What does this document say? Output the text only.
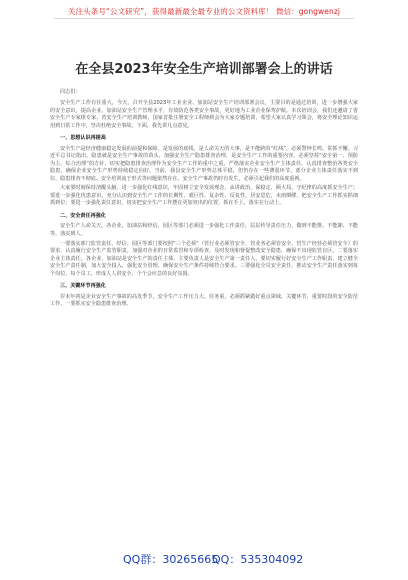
关注头条号“公文研究”，获得最新最全最专业的公文资料库！ 微信：gongwenzj
在全县2023年安全生产培训部署会上的讲话

同志们：

安全生产工作有任重大，今天，召开全县2023年工业企业、加油站安全生产培训部署会议，主要目的是通过培训，进一步增强大家的安全意识，提高企业、加油站安全生产管理水平，有效防范各类安全事故，更好地为工业企业保驾护航。本次培训会，我们还邀请了省安全生产专家组专家、省安全生产培训教师、国家首批注册安全工程师到会为大家专题培训，希望大家认真学习领会，将安全理论知识运用到日常工作中，坚决杜绝安全事故。下面，我先讲几点意见。

一、思想认识再提高

安全生产是经济健康稳定发展的前提和保障，是发展的底线，是人命关天的大事，是不能跨的“红线”，必须警钟长鸣、常抓不懈。习近平总书记指出，隐患就是安全生产事故的苗头，加强安全生产隐患排查治理，是安全生产工作的重要内容，必须坚持“安全第一、预防为主、综合治理”的方针，切实把隐患排查治理作为安全生产工作的重中之重，严格落实企业安全生产主体责任，认真排查整治各类安全隐患，确保企业安全生产形势持续稳定向好。当前，我县安全生产形势总体平稳，但仍存在一些薄弱环节，部分企业主体责任落实不到位、隐患排查不彻底、安全培训流于形式等问题依然存在，安全生产事故仍时有发生，必须引起我们的高度重视。

大家要时刻保持清醒头脑，进一步强化红线意识，牢固树立安全发展理念，从讲政治、保稳定、顾大局、守纪律的高度抓安全生产；要进一步强化忧患意识，充分认识到安全生产工作的长期性、艰巨性、复杂性、反复性，居安思危，未雨绸缪，把安全生产工作抓实抓细抓到位；要进一步强化责任意识，切实把安全生产工作摆在更加突出的位置，抓在手上、落实在行动上。

二、安全责任再强化

安全生产人命关天，各企业、加油站和经信、园区等部门必须进一步强化工作责任，层层传导责任压力，做到不能推、不能卸、不能等，落实到人。

一要落实部门监管责任。经信、园区等部门要按照“三个必须”（管行业必须管安全、管业务必须管安全、管生产经营必须管安全）的要求，认真履行安全生产监管职责，加强对企业的日常监管和专项检查，及时发现和督促整改安全隐患，确保不出现监管盲区。二要落实企业主体责任。各企业、加油站是安全生产的责任主体，主要负责人是安全生产第一责任人，要切实履行好安全生产工作职责，建立健全安全生产责任制，加大安全投入，强化安全管理，确保安全生产条件持续符合要求。三要强化全员安全责任，推动安全生产责任落实到每个岗位、每个员工，形成人人讲安全、个个会应急的良好氛围。

三、关键环节再强化

岁末年初是企业安全生产事故的高发季节，安全生产工作压力大、任务重，必须抓紧做好重点领域、关键环节、重要时段的安全防范工作，一要抓实安全隐患排查治理。

QQ群：30265665
QQ：535304092
